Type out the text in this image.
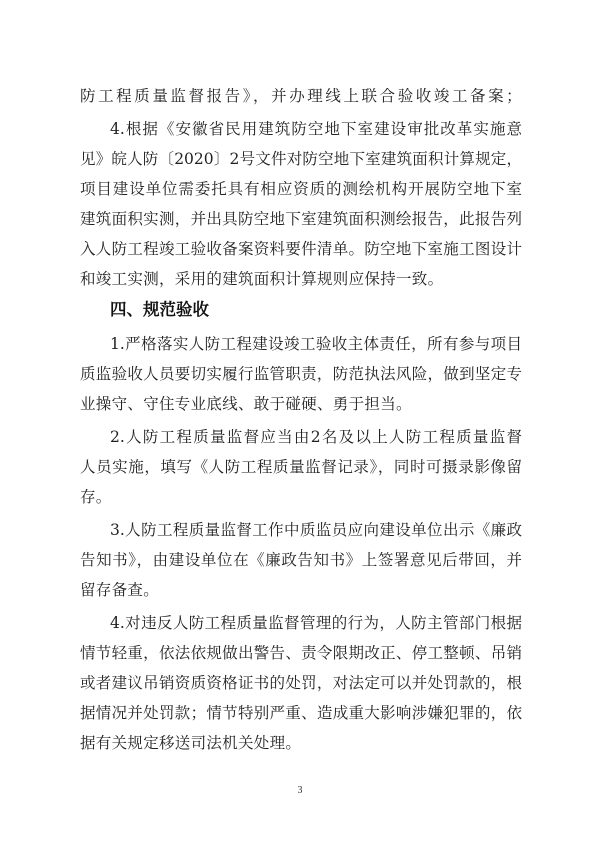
防工程质量监督报告》，并办理线上联合验收竣工备案；
4.根据《安徽省民用建筑防空地下室建设审批改革实施意
见》皖人防〔2020〕2号文件对防空地下室建筑面积计算规定，
项目建设单位需委托具有相应资质的测绘机构开展防空地下室
建筑面积实测，并出具防空地下室建筑面积测绘报告，此报告列
入人防工程竣工验收备案资料要件清单。防空地下室施工图设计
和竣工实测，采用的建筑面积计算规则应保持一致。
四、规范验收
1.严格落实人防工程建设竣工验收主体责任，所有参与项目
质监验收人员要切实履行监管职责，防范执法风险，做到坚定专
业操守、守住专业底线、敢于碰硬、勇于担当。
2.人防工程质量监督应当由2名及以上人防工程质量监督
人员实施，填写《人防工程质量监督记录》，同时可摄录影像留
存。
3.人防工程质量监督工作中质监员应向建设单位出示《廉政
告知书》，由建设单位在《廉政告知书》上签署意见后带回，并
留存备查。
4.对违反人防工程质量监督管理的行为，人防主管部门根据
情节轻重，依法依规做出警告、责令限期改正、停工整顿、吊销
或者建议吊销资质资格证书的处罚，对法定可以并处罚款的，根
据情况并处罚款；情节特别严重、造成重大影响涉嫌犯罪的，依
据有关规定移送司法机关处理。
3
